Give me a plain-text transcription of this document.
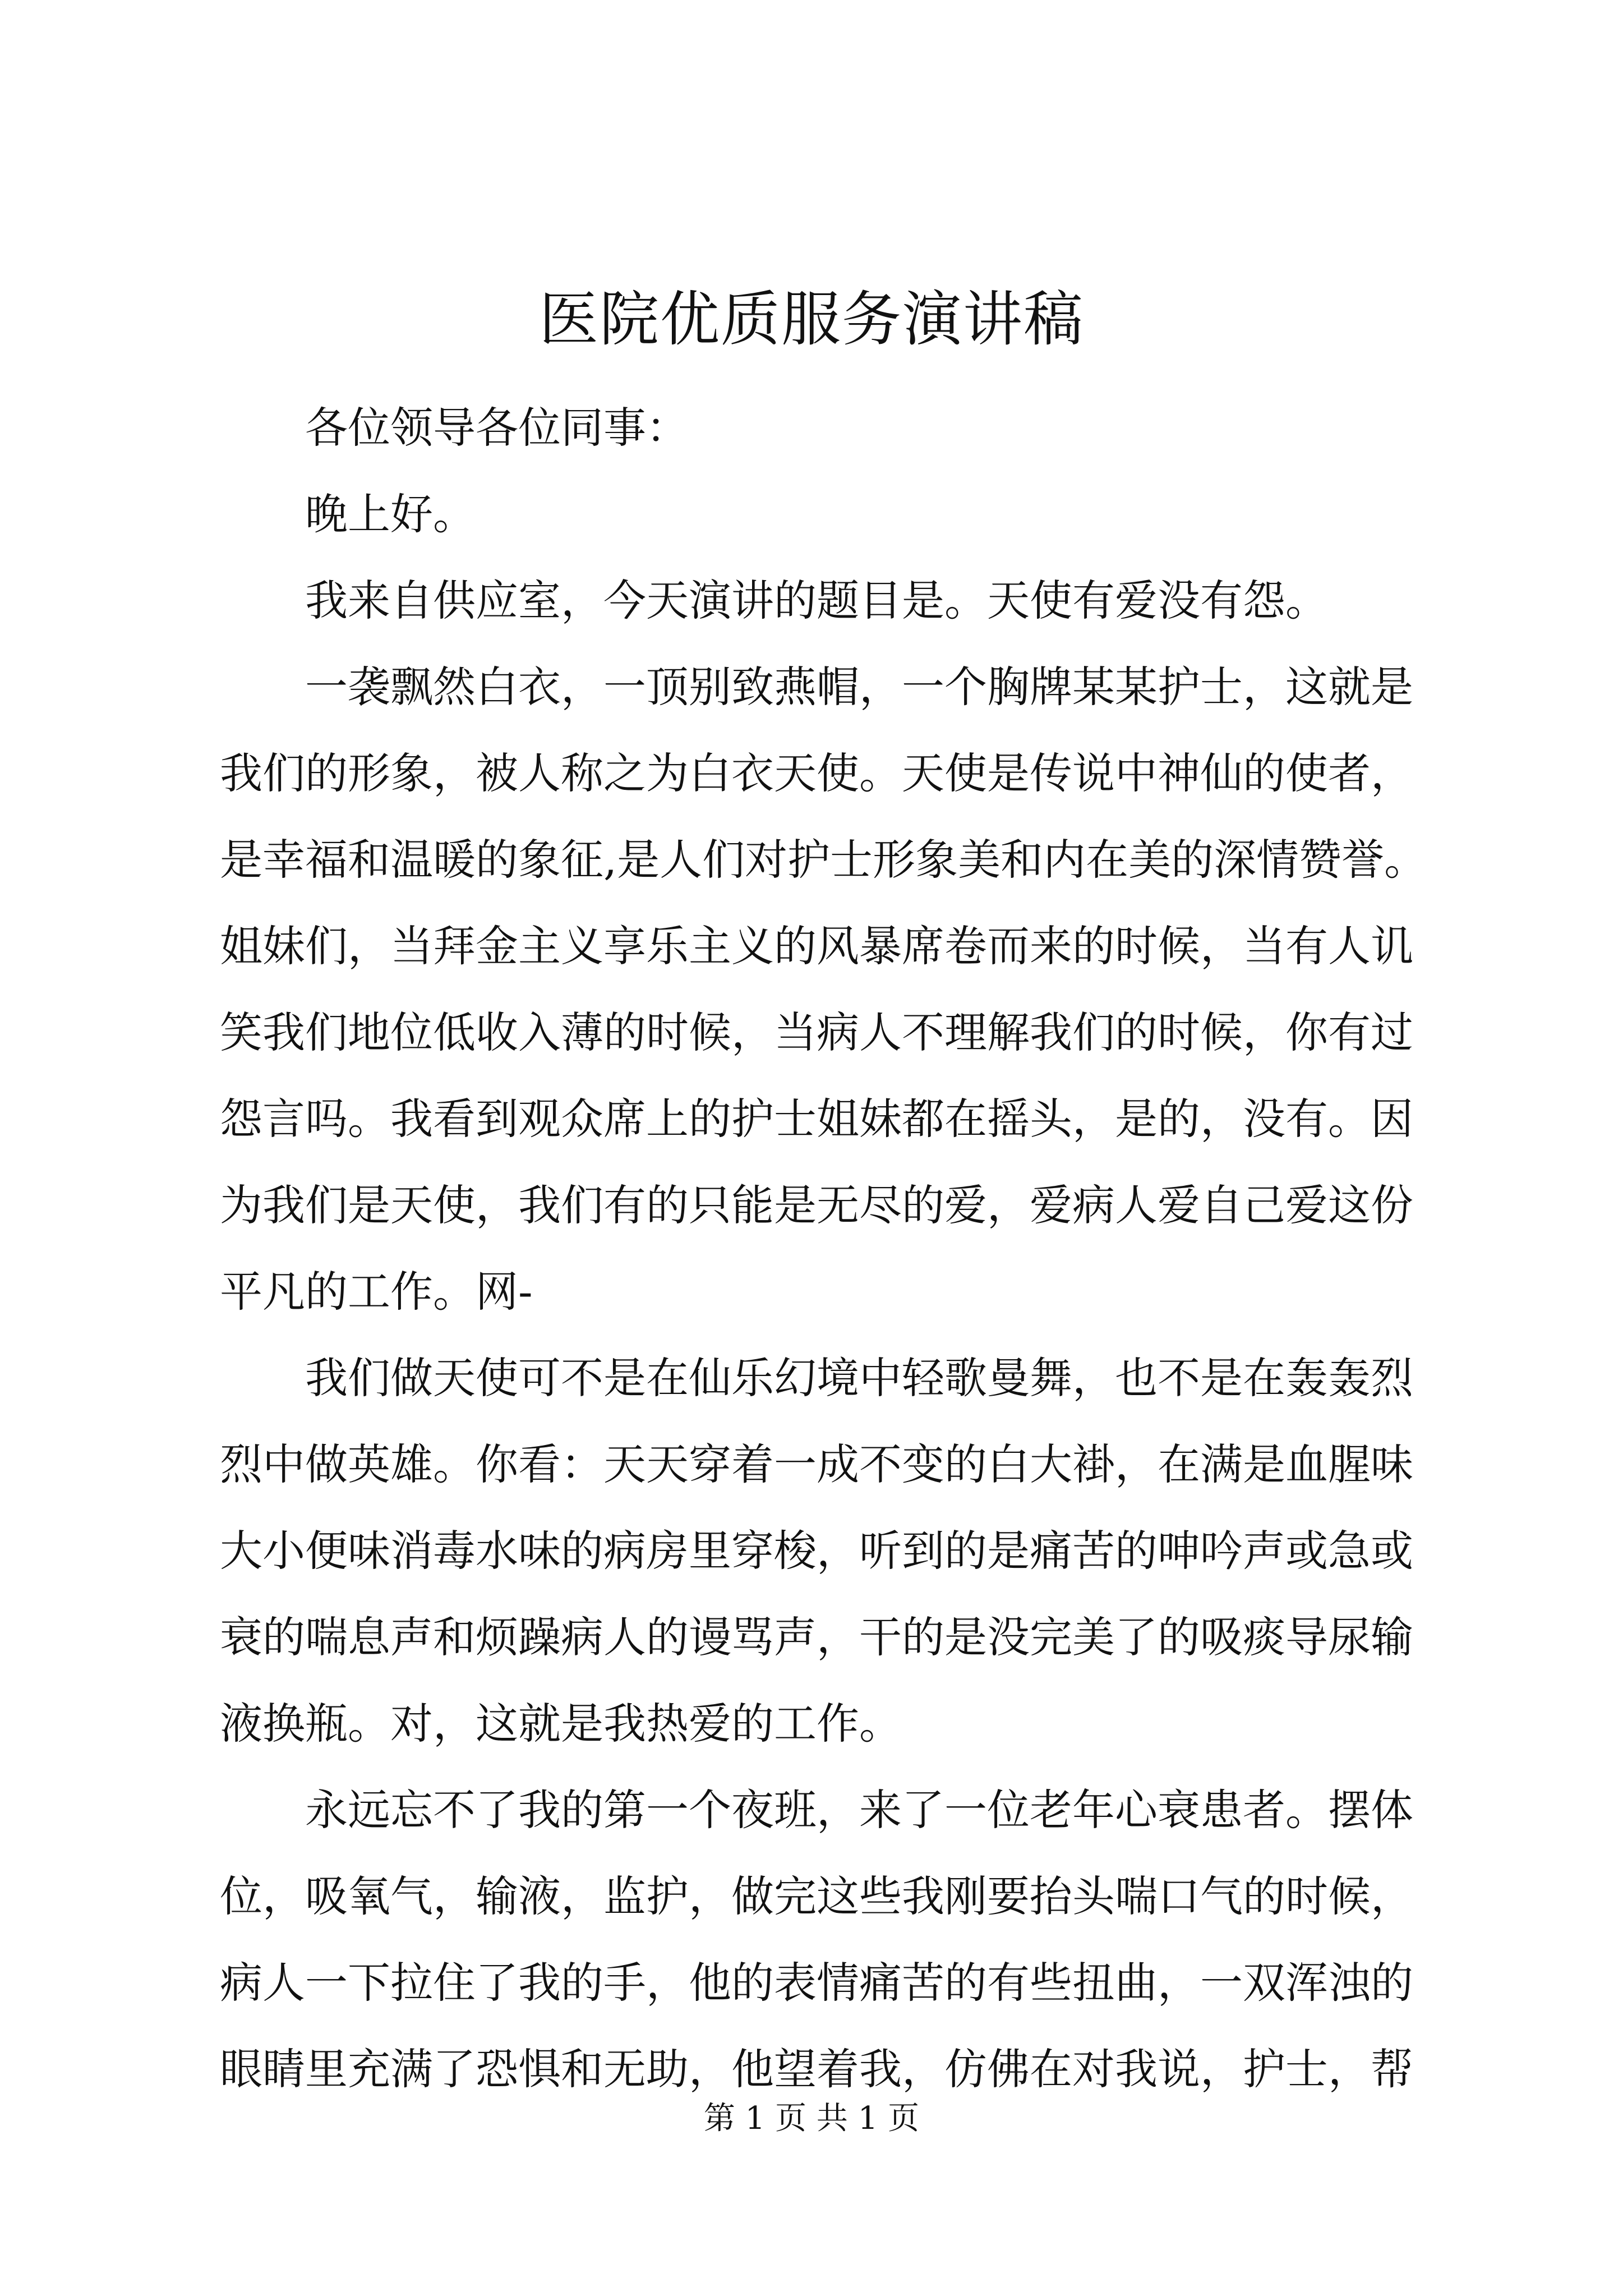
医院优质服务演讲稿

各位领导各位同事：

晚上好。

我来自供应室，今天演讲的题目是。天使有爱没有怨。

一袭飘然白衣，一顶别致燕帽，一个胸牌某某护士，这就是
我们的形象，被人称之为白衣天使。天使是传说中神仙的使者，
是幸福和温暖的象征,是人们对护士形象美和内在美的深情赞誉。
姐妹们，当拜金主义享乐主义的风暴席卷而来的时候，当有人讥
笑我们地位低收入薄的时候，当病人不理解我们的时候，你有过
怨言吗。我看到观众席上的护士姐妹都在摇头，是的，没有。因
为我们是天使，我们有的只能是无尽的爱，爱病人爱自己爱这份
平凡的工作。网-

我们做天使可不是在仙乐幻境中轻歌曼舞，也不是在轰轰烈
烈中做英雄。你看：天天穿着一成不变的白大褂，在满是血腥味
大小便味消毒水味的病房里穿梭，听到的是痛苦的呻吟声或急或
衰的喘息声和烦躁病人的谩骂声，干的是没完美了的吸痰导尿输
液换瓶。对，这就是我热爱的工作。

永远忘不了我的第一个夜班，来了一位老年心衰患者。摆体
位，吸氧气，输液，监护，做完这些我刚要抬头喘口气的时候，
病人一下拉住了我的手，他的表情痛苦的有些扭曲，一双浑浊的
眼睛里充满了恐惧和无助，他望着我，仿佛在对我说，护士，帮

第 1 页 共 1 页
